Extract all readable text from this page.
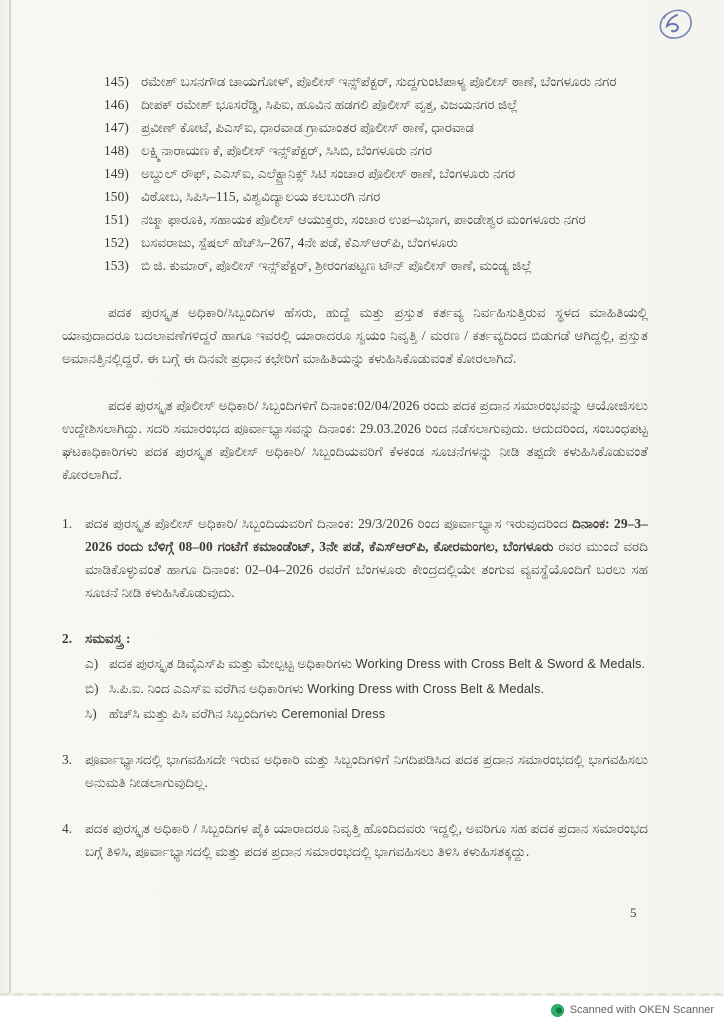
145) ರಮೇಶ್ ಬಸನಗೌಡ ಚಾಯಗೋಳ್, ಪೊಲೀಸ್ ಇನ್ಸ್‌ಪೆಕ್ಟರ್, ಸುದ್ದಗುಂಟಿಪಾಳ್ಯ ಪೊಲೀಸ್ ಠಾಣೆ, ಬೆಂಗಳೂರು ನಗರ
146) ದೀಪಕ್ ರಮೇಶ್ ಭೂಸರೆಡ್ಡಿ, ಸಿಪಿಐ, ಹೂವಿನ ಹಡಗಲಿ ಪೊಲೀಸ್ ವೃತ್ತ, ವಿಜಯನಗರ ಜಿಲ್ಲೆ
147) ಪ್ರವೀಣ್ ಕೋಟೆ, ಪಿಎಸ್ಐ, ಧಾರವಾಡ ಗ್ರಾಮಾಂತರ ಪೊಲೀಸ್ ಠಾಣೆ, ಧಾರವಾಡ
148) ಲಕ್ಷ್ಮಿನಾರಾಯಣ ಕೆ, ಪೊಲೀಸ್ ಇನ್ಸ್‌ಪೆಕ್ಟರ್, ಸಿಸಿಬಿ, ಬೆಂಗಳೂರು ನಗರ
149) ಅಬ್ದುಲ್ ರೌಫ್, ಎಎಸ್ಐ, ಎಲೆಕ್ಟ್ರಾನಿಕ್ಸ್ ಸಿಟಿ ಸಂಚಾರ ಪೊಲೀಸ್ ಠಾಣೆ, ಬೆಂಗಳೂರು ನಗರ
150) ವಿಠೋಬ, ಸಿಪಿಸಿ–115, ವಿಶ್ವವಿದ್ಯಾಲಯ ಕಲಬುರಗಿ ನಗರ
151) ನಜ್ಮಾ ಫಾರೂಕಿ, ಸಹಾಯಕ ಪೊಲೀಸ್ ಆಯುಕ್ತರು, ಸಂಚಾರ ಉಪ–ವಿಭಾಗ, ಪಾಂಡೇಶ್ವರ ಮಂಗಳೂರು ನಗರ
152) ಬಸವರಾಜು, ಸ್ಪೆಷಲ್ ಹೆಚ್‌ಸಿ–267, 4ನೇ ಪಡೆ, ಕೆಎಸ್‌ಆರ್‌ಪಿ, ಬೆಂಗಳೂರು
153) ಬಿ ಜಿ. ಕುಮಾರ್, ಪೊಲೀಸ್ ಇನ್ಸ್‌ಪೆಕ್ಟರ್, ಶ್ರೀರಂಗಪಟ್ಟಣ ಟೌನ್ ಪೊಲೀಸ್ ಠಾಣೆ, ಮಂಡ್ಯ ಜಿಲ್ಲೆ

ಪದಕ ಪುರಸ್ಕೃತ ಅಧಿಕಾರಿ/ಸಿಬ್ಬಂದಿಗಳ ಹೆಸರು, ಹುದ್ದೆ ಮತ್ತು ಪ್ರಸ್ತುತ ಕರ್ತವ್ಯ ನಿರ್ವಹಿಸುತ್ತಿರುವ ಸ್ಥಳದ ಮಾಹಿತಿಯಲ್ಲಿ ಯಾವುದಾದರೂ ಬದಲಾವಣೆಗಳಿದ್ದರೆ ಹಾಗೂ ಇವರಲ್ಲಿ ಯಾರಾದರೂ ಸ್ವಯಂ ನಿವೃತ್ತಿ / ಮರಣ / ಕರ್ತವ್ಯದಿಂದ ಬಿಡುಗಡೆ ಆಗಿದ್ದಲ್ಲಿ, ಪ್ರಸ್ತುತ ಅಮಾನತ್ತಿನಲ್ಲಿದ್ದರೆ. ಈ ಬಗ್ಗೆ ಈ ದಿನವೇ ಪ್ರಧಾನ ಕಛೇರಿಗೆ ಮಾಹಿತಿಯನ್ನು ಕಳುಹಿಸಿಕೊಡುವಂತೆ ಕೋರಲಾಗಿದೆ.

ಪದಕ ಪುರಸ್ಕೃತ ಪೊಲೀಸ್ ಅಧಿಕಾರಿ/ ಸಿಬ್ಬಂದಿಗಳಿಗೆ ದಿನಾಂಕ:02/04/2026 ರಂದು ಪದಕ ಪ್ರದಾನ ಸಮಾರಂಭವನ್ನು ಆಯೋಜಿಸಲು ಉದ್ದೇಶಿಸಲಾಗಿದ್ದು. ಸದರಿ ಸಮಾರಂಭದ ಪೂರ್ವಾಭ್ಯಾಸವನ್ನು ದಿನಾಂಕ: 29.03.2026 ರಿಂದ ನಡೆಸಲಾಗುವುದು. ಆದುದರಿಂದ, ಸಂಬಂಧಪಟ್ಟ ಘಟಕಾಧಿಕಾರಿಗಳು ಪದಕ ಪುರಸ್ಕೃತ ಪೊಲೀಸ್ ಅಧಿಕಾರಿ/ ಸಿಬ್ಬಂದಿಯವರಿಗೆ ಕೆಳಕಂಡ ಸೂಚನೆಗಳನ್ನು ನೀಡಿ ತಪ್ಪದೇ ಕಳುಹಿಸಿಕೊಡುವಂತೆ ಕೋರಲಾಗಿದೆ.

1. ಪದಕ ಪುರಸ್ಕೃತ ಪೊಲೀಸ್ ಅಧಿಕಾರಿ/ ಸಿಬ್ಬಂದಿಯವರಿಗೆ ದಿನಾಂಕ: 29/3/2026 ರಿಂದ ಪೂರ್ವಾಭ್ಯಾಸ ಇರುವುದರಿಂದ ದಿನಾಂಕ: 29–3–2026 ರಂದು ಬೆಳಿಗ್ಗೆ 08–00 ಗಂಟೆಗೆ ಕಮಾಂಡೆಂಟ್, 3ನೇ ಪಡೆ, ಕೆಎಸ್‌ಆರ್‌ಪಿ, ಕೋರಮಂಗಲ, ಬೆಂಗಳೂರು ರವರ ಮುಂದೆ ವರದಿ ಮಾಡಿಕೊಳ್ಳುವಂತೆ ಹಾಗೂ ದಿನಾಂಕ: 02–04–2026 ರವರೆಗೆ ಬೆಂಗಳೂರು ಕೇಂದ್ರದಲ್ಲಿಯೇ ತಂಗುವ ವ್ಯವಸ್ಥೆಯೊಂದಿಗೆ ಬರಲು ಸಹ ಸೂಚನೆ ನೀಡಿ ಕಳುಹಿಸಿಕೊಡುವುದು.
2. ಸಮವಸ್ತ್ರ :
ಎ) ಪದಕ ಪುರಸ್ಕೃತ ಡಿವೈಎಸ್‌ಪಿ ಮತ್ತು ಮೇಲ್ಪಟ್ಟ ಅಧಿಕಾರಿಗಳು Working Dress with Cross Belt & Sword & Medals.
ಬಿ) ಸಿ.ಪಿ.ಐ. ನಿಂದ ಎಎಸ್‌ಐ ವರೆಗಿನ ಅಧಿಕಾರಿಗಳು Working Dress with Cross Belt & Medals.
ಸಿ) ಹೆಚ್‌ಸಿ ಮತ್ತು ಪಿಸಿ ವರೆಗಿನ ಸಿಬ್ಬಂದಿಗಳು Ceremonial Dress
3. ಪೂರ್ವಾಭ್ಯಾಸದಲ್ಲಿ ಭಾಗವಹಿಸದೇ ಇರುವ ಅಧಿಕಾರಿ ಮತ್ತು ಸಿಬ್ಬಂದಿಗಳಿಗೆ ನಿಗದಿಪಡಿಸಿದ ಪದಕ ಪ್ರದಾನ ಸಮಾರಂಭದಲ್ಲಿ ಭಾಗವಹಿಸಲು ಅನುಮತಿ ನೀಡಲಾಗುವುದಿಲ್ಲ.
4. ಪದಕ ಪುರಸ್ಕೃತ ಅಧಿಕಾರಿ / ಸಿಬ್ಬಂದಿಗಳ ಪೈಕಿ ಯಾರಾದರೂ ನಿವೃತ್ತಿ ಹೊಂದಿದವರು ಇದ್ದಲ್ಲಿ, ಅವರಿಗೂ ಸಹ ಪದಕ ಪ್ರದಾನ ಸಮಾರಂಭದ ಬಗ್ಗೆ ತಿಳಿಸಿ, ಪೂರ್ವಾಭ್ಯಾಸದಲ್ಲಿ ಮತ್ತು ಪದಕ ಪ್ರದಾನ ಸಮಾರಂಭದಲ್ಲಿ ಭಾಗವಹಿಸಲು ತಿಳಿಸಿ ಕಳುಹಿಸತಕ್ಕದ್ದು.
5
Scanned with OKEN Scanner
